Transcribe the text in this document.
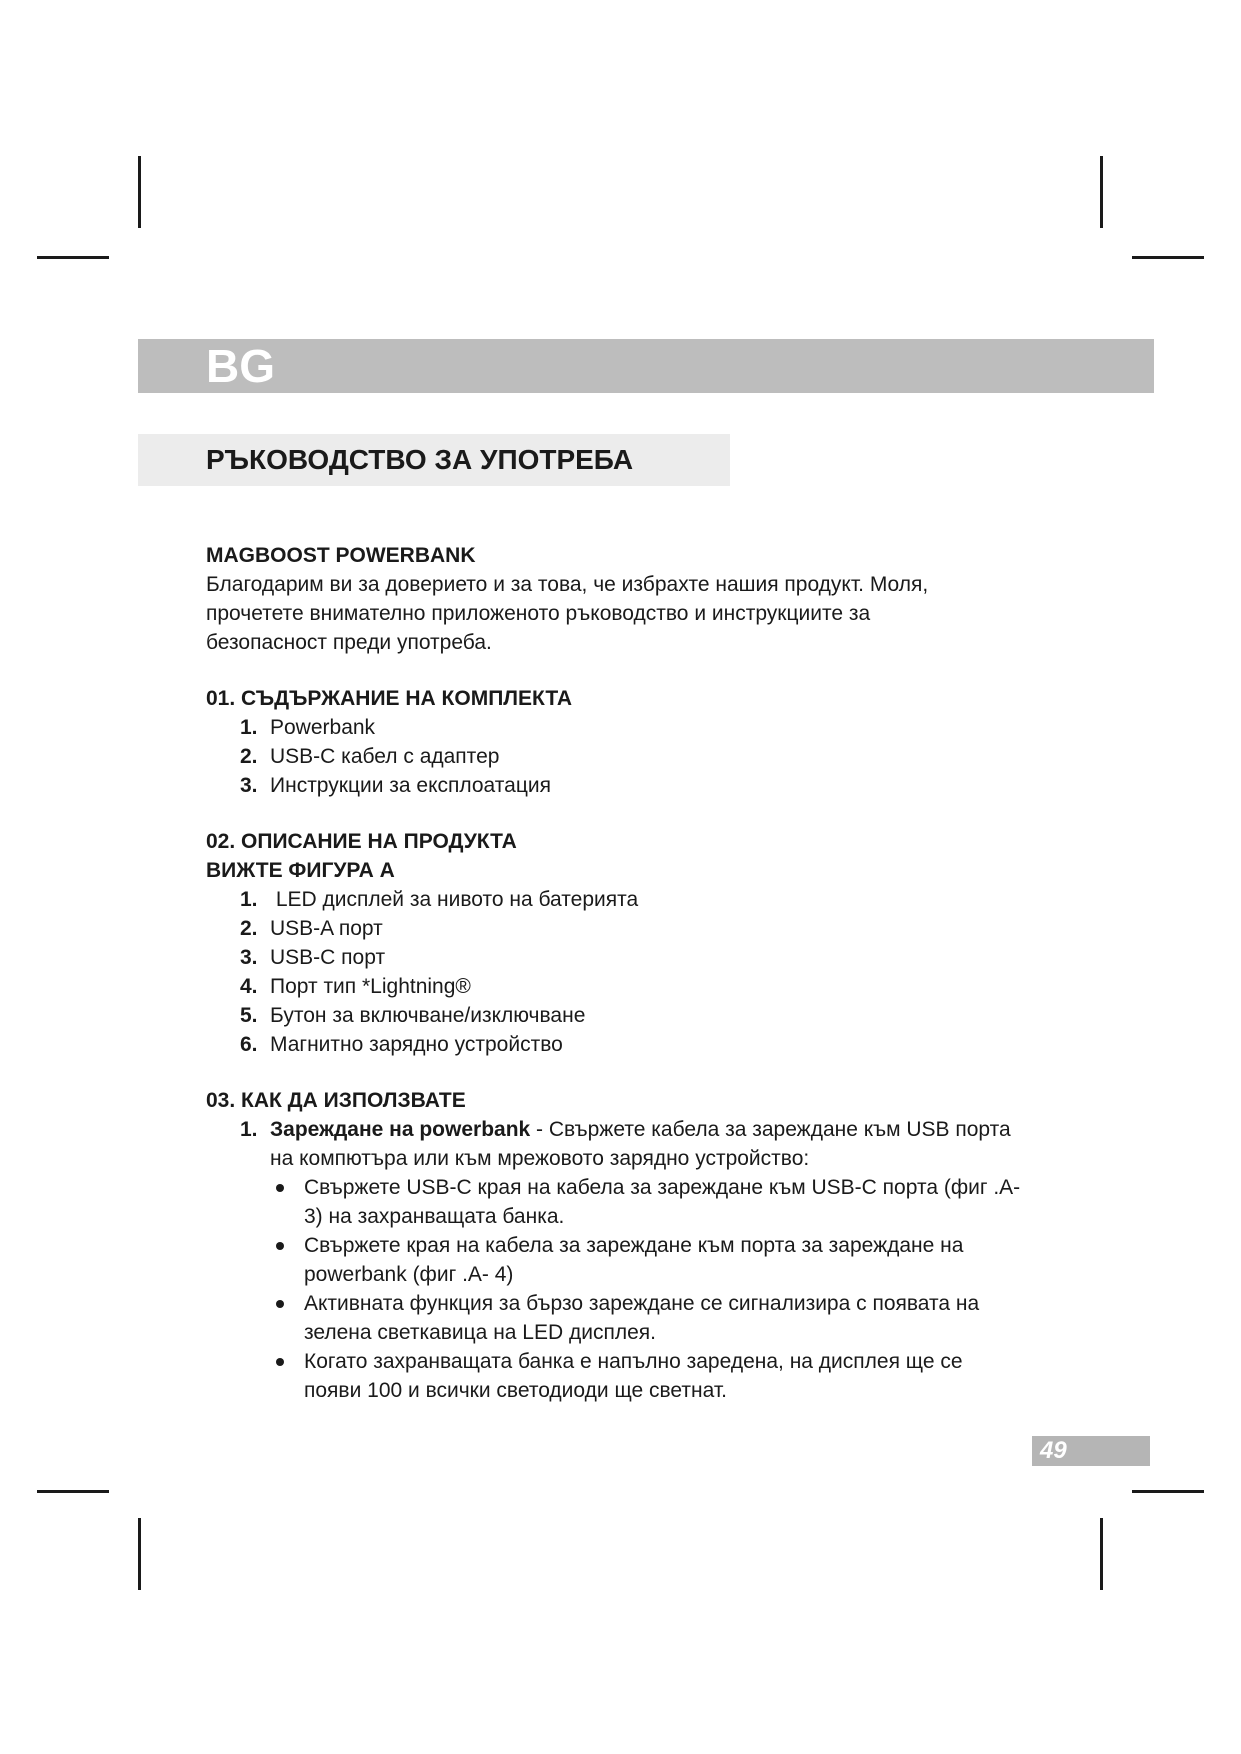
BG
РЪКОВОДСТВО ЗА УПОТРЕБА
MAGBOOST POWERBANK

Благодарим ви за доверието и за това, че избрахте нашия продукт. Моля,

прочетете внимателно приложеното ръководство и инструкциите за

безопасност преди употреба.

01. СЪДЪРЖАНИЕ НА КОМПЛЕКТА
1. Powerbank
2. USB-C кабел с адаптер
3. Инструкции за експлоатация
02. ОПИСАНИЕ НА ПРОДУКТА
ВИЖТЕ ФИГУРА А
1. LED дисплей за нивото на батерията
2. USB-A порт
3. USB-C порт
4. Порт тип *Lightning®
5. Бутон за включване/изключване
6. Магнитно зарядно устройство
03. КАК ДА ИЗПОЛЗВАТЕ
1. Зареждане на powerbank - Свържете кабела за зареждане към USB порта
на компютъра или към мрежовото зарядно устройство:
Свържете USB-C края на кабела за зареждане към USB-C порта (фиг .A-
3) на захранващата банка.
Свържете края на кабела за зареждане към порта за зареждане на
powerbank (фиг .A- 4)
Активната функция за бързо зареждане се сигнализира с появата на
зелена светкавица на LED дисплея.
Когато захранващата банка е напълно заредена, на дисплея ще се
появи 100 и всички светодиоди ще светнат.
49
